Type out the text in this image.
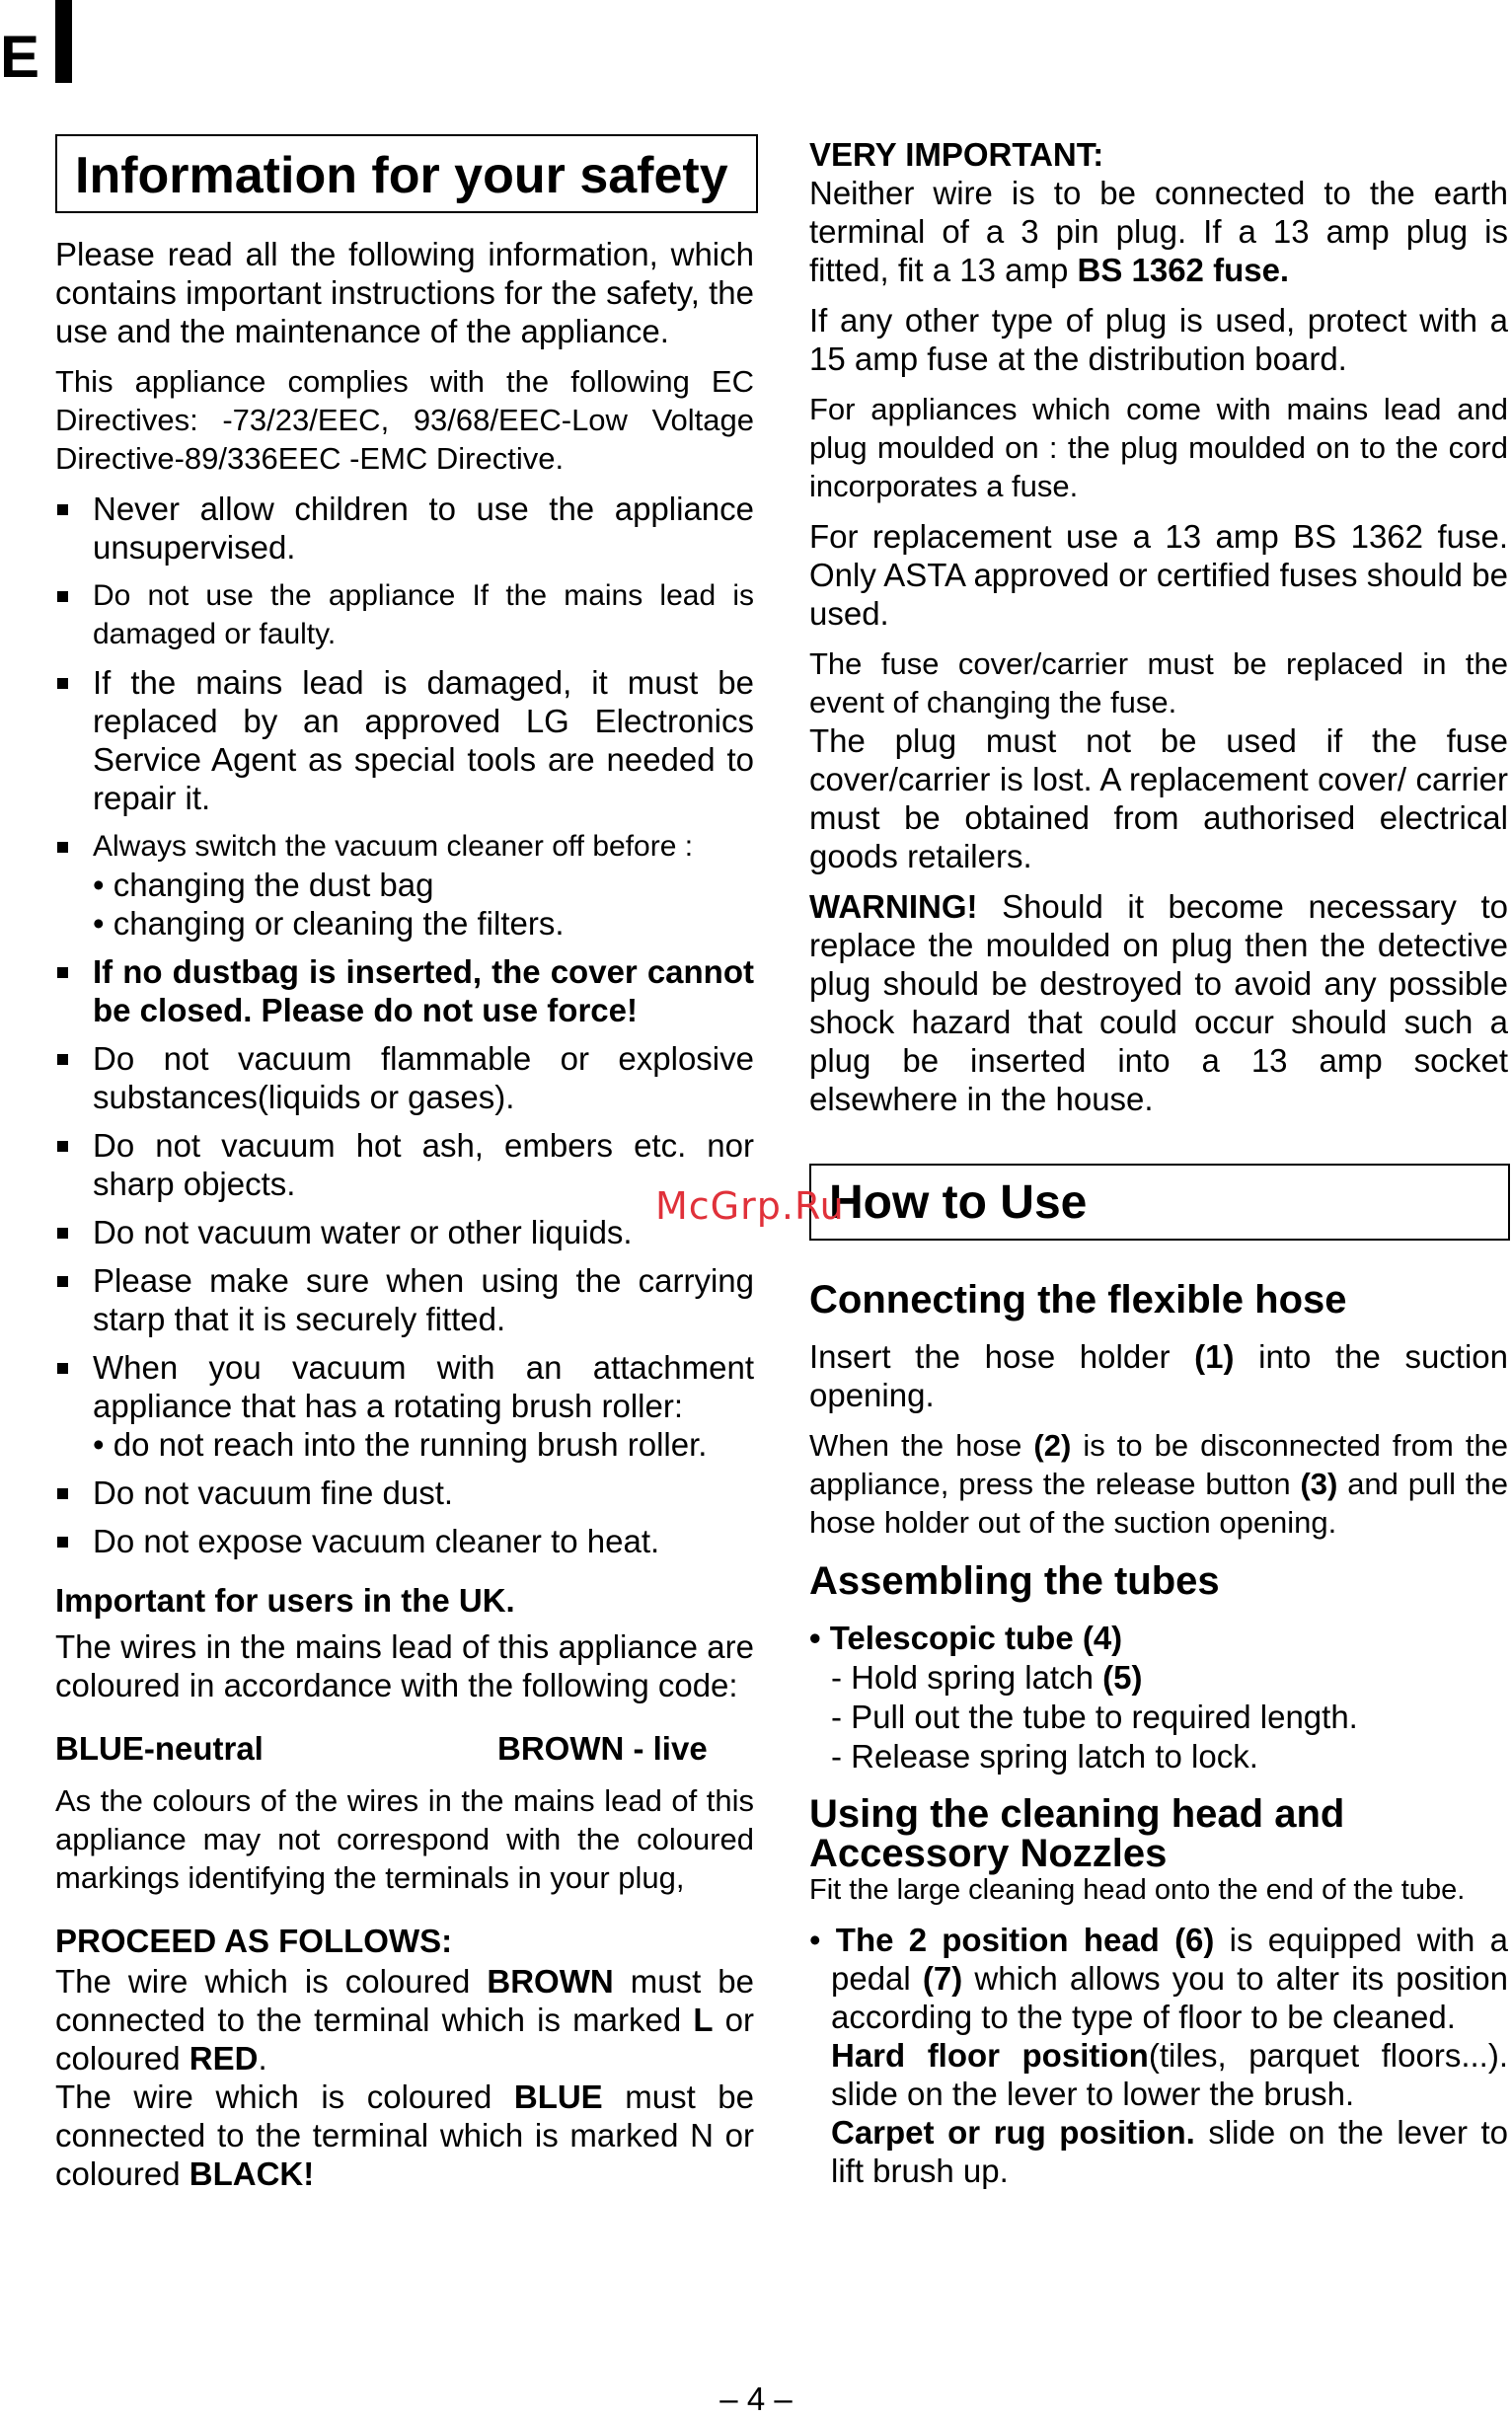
E
Information for your safety

Please read all the following information, which contains important instructions for the safety, the use and the maintenance of the appliance.

This appliance complies with the following EC Directives: -73/23/EEC, 93/68/EEC-Low Voltage Directive-89/336EEC -EMC Directive.

Never allow children to use the appliance unsupervised.
Do not use the appliance If the mains lead is damaged or faulty.
If the mains lead is damaged, it must be replaced by an approved LG Electronics Service Agent as special tools are needed to repair it.
Always switch the vacuum cleaner off before :
• changing the dust bag
• changing or cleaning the filters.
If no dustbag is inserted, the cover cannot be closed. Please do not use force!
Do not vacuum flammable or explosive substances(liquids or gases).
Do not vacuum hot ash, embers etc. nor sharp objects.
Do not vacuum water or other liquids.
Please make sure when using the carrying starp that it is securely fitted.
When you vacuum with an attachment appliance that has a rotating brush roller:
• do not reach into the running brush roller.
Do not vacuum fine dust.
Do not expose vacuum cleaner to heat.
Important for users in the UK.

The wires in the mains lead of this appliance are coloured in accordance with the following code:

BLUE-neutral	BROWN - live

As the colours of the wires in the mains lead of this appliance may not correspond with the coloured markings identifying the terminals in your plug,

PROCEED AS FOLLOWS:

The wire which is coloured BROWN must be connected to the terminal which is marked L or coloured RED.

The wire which is coloured BLUE must be connected to the terminal which is marked N or coloured BLACK!

VERY IMPORTANT:

Neither wire is to be connected to the earth terminal of a 3 pin plug. If a 13 amp plug is fitted, fit a 13 amp BS 1362 fuse.

If any other type of plug is used, protect with a 15 amp fuse at the distribution board.

For appliances which come with mains lead and plug moulded on : the plug moulded on to the cord incorporates a fuse.

For replacement use a 13 amp BS 1362 fuse. Only ASTA approved or certified fuses should be used.

The fuse cover/carrier must be replaced in the event of changing the fuse.

The plug must not be used if the fuse cover/carrier is lost. A replacement cover/ carrier must be obtained from authorised electrical goods retailers.

WARNING! Should it become necessary to replace the moulded on plug then the detective plug should be destroyed to avoid any possible shock hazard that could occur should such a plug be inserted into a 13 amp socket elsewhere in the house.

How to Use
Connecting the flexible hose

Insert the hose holder (1) into the suction opening.

When the hose (2) is to be disconnected from the appliance, press the release button (3) and pull the hose holder out of the suction opening.

Assembling the tubes
• Telescopic tube (4)
- Hold spring latch (5)
- Pull out the tube to required length.
- Release spring latch to lock.
Using the cleaning head and
Accessory Nozzles

Fit the large cleaning head onto the end of the tube.

• The 2 position head (6) is equipped with a pedal (7) which allows you to alter its position according to the type of floor to be cleaned.

Hard floor position(tiles, parquet floors...). slide on the lever to lower the brush.

Carpet or rug position. slide on the lever to lift brush up.

McGrp.Ru
– 4 –
